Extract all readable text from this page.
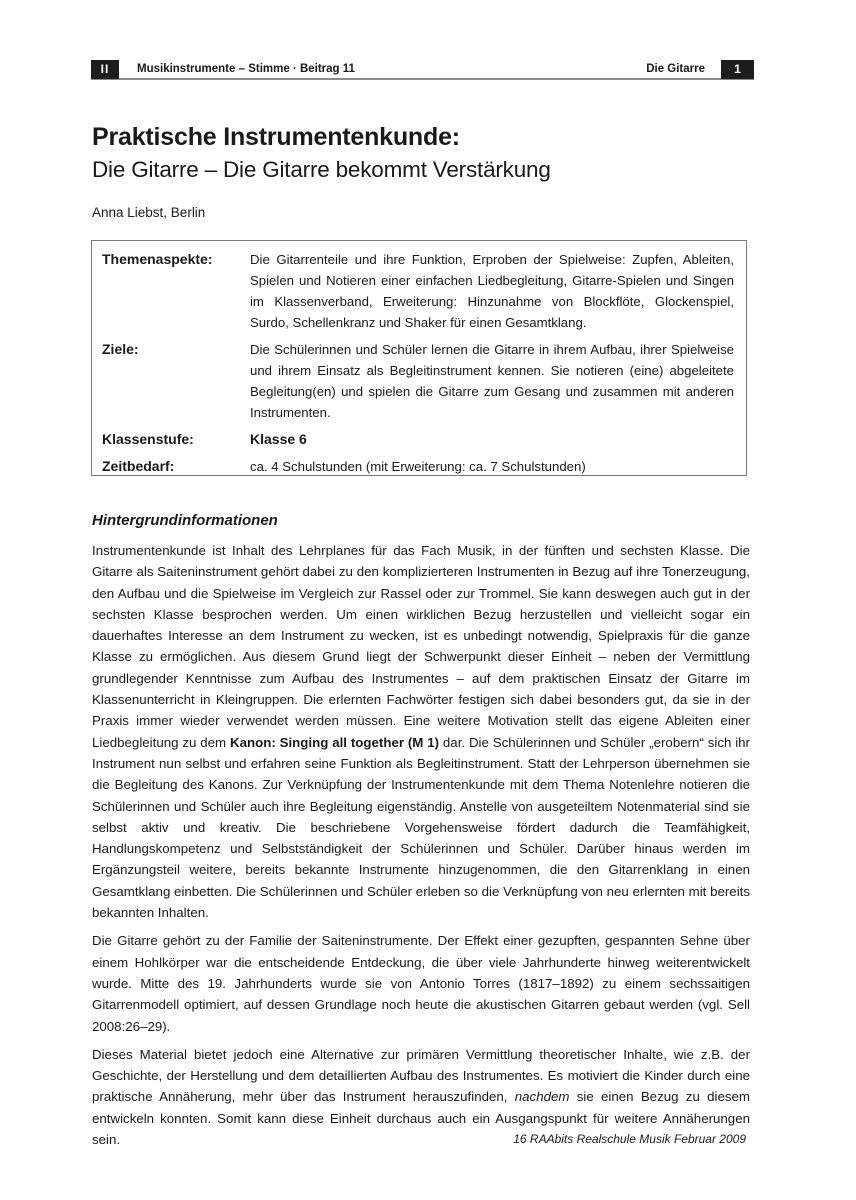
II	Musikinstrumente – Stimme · Beitrag 11	Die Gitarre	1
Praktische Instrumentenkunde:
Die Gitarre – Die Gitarre bekommt Verstärkung
Anna Liebst, Berlin
Themenaspekte:	Die Gitarrenteile und ihre Funktion, Erproben der Spielweise: Zupfen, Ableiten, Spielen und Notieren einer einfachen Liedbegleitung, Gitarre-Spielen und Singen im Klassenverband, Erweiterung: Hinzunahme von Blockflöte, Glockenspiel, Surdo, Schellenkranz und Shaker für einen Gesamtklang.
Ziele:	Die Schülerinnen und Schüler lernen die Gitarre in ihrem Aufbau, ihrer Spielweise und ihrem Einsatz als Begleitinstrument kennen. Sie notieren (eine) abgeleitete Begleitung(en) und spielen die Gitarre zum Gesang und zusammen mit anderen Instrumenten.
Klassenstufe:	Klasse 6
Zeitbedarf:	ca. 4 Schulstunden (mit Erweiterung: ca. 7 Schulstunden)
Hintergrundinformationen

Instrumentenkunde ist Inhalt des Lehrplanes für das Fach Musik, in der fünften und sechsten Klasse. Die Gitarre als Saiteninstrument gehört dabei zu den komplizierteren Instrumenten in Bezug auf ihre Tonerzeugung, den Aufbau und die Spielweise im Vergleich zur Rassel oder zur Trommel. Sie kann deswegen auch gut in der sechsten Klasse besprochen werden. Um einen wirklichen Bezug herzustellen und vielleicht sogar ein dauerhaftes Interesse an dem Instrument zu wecken, ist es unbedingt notwendig, Spielpraxis für die ganze Klasse zu ermöglichen. Aus diesem Grund liegt der Schwerpunkt dieser Einheit – neben der Vermittlung grundlegender Kenntnisse zum Aufbau des Instrumentes – auf dem praktischen Einsatz der Gitarre im Klassenunterricht in Kleingruppen. Die erlernten Fachwörter festigen sich dabei besonders gut, da sie in der Praxis immer wieder verwendet werden müssen. Eine weitere Motivation stellt das eigene Ableiten einer Liedbegleitung zu dem Kanon: Singing all together (M 1) dar. Die Schülerinnen und Schüler „erobern“ sich ihr Instrument nun selbst und erfahren seine Funktion als Begleitinstrument. Statt der Lehrperson übernehmen sie die Begleitung des Kanons. Zur Verknüpfung der Instrumentenkunde mit dem Thema Notenlehre notieren die Schülerinnen und Schüler auch ihre Begleitung eigenständig. Anstelle von ausgeteiltem Notenmaterial sind sie selbst aktiv und kreativ. Die beschriebene Vorgehensweise fördert dadurch die Teamfähigkeit, Handlungskompetenz und Selbstständigkeit der Schülerinnen und Schüler. Darüber hinaus werden im Ergänzungsteil weitere, bereits bekannte Instrumente hinzugenommen, die den Gitarrenklang in einen Gesamtklang einbetten. Die Schülerinnen und Schüler erleben so die Verknüpfung von neu erlernten mit bereits bekannten Inhalten.

Die Gitarre gehört zu der Familie der Saiteninstrumente. Der Effekt einer gezupften, gespannten Sehne über einem Hohlkörper war die entscheidende Entdeckung, die über viele Jahrhunderte hinweg weiterentwickelt wurde. Mitte des 19. Jahrhunderts wurde sie von Antonio Torres (1817–1892) zu einem sechssaitigen Gitarrenmodell optimiert, auf dessen Grundlage noch heute die akustischen Gitarren gebaut werden (vgl. Sell 2008:26–29).

Dieses Material bietet jedoch eine Alternative zur primären Vermittlung theoretischer Inhalte, wie z.B. der Geschichte, der Herstellung und dem detaillierten Aufbau des Instrumentes. Es motiviert die Kinder durch eine praktische Annäherung, mehr über das Instrument herauszufinden, nachdem sie einen Bezug zu diesem entwickeln konnten. Somit kann diese Einheit durchaus auch ein Ausgangspunkt für weitere Annäherungen sein.	16 RAAbits Realschule Musik Februar 2009
